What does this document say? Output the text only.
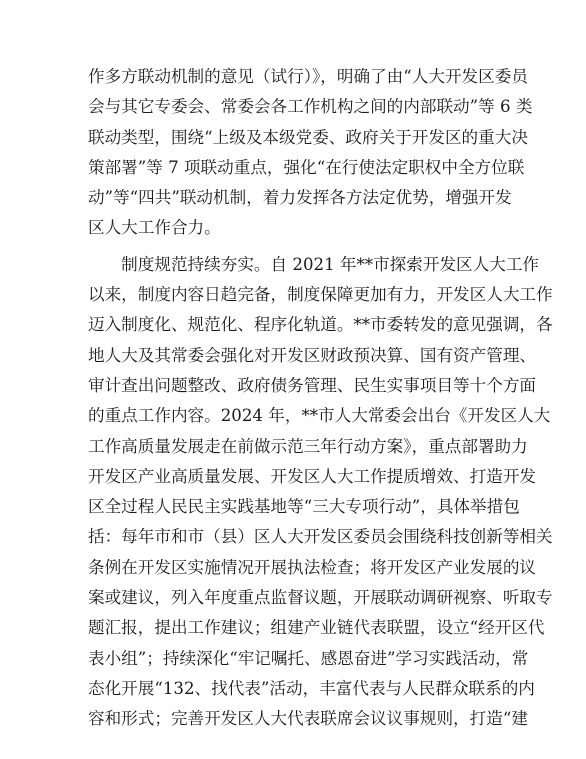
作多方联动机制的意见（试行）》，明确了由“人大开发区委员
会与其它专委会、常委会各工作机构之间的内部联动”等 6 类
联动类型，围绕“上级及本级党委、政府关于开发区的重大决
策部署”等 7 项联动重点，强化“在行使法定职权中全方位联
动”等“四共”联动机制，着力发挥各方法定优势，增强开发
区人大工作合力。
　　制度规范持续夯实。自 2021 年**市探索开发区人大工作
以来，制度内容日趋完备，制度保障更加有力，开发区人大工作
迈入制度化、规范化、程序化轨道。**市委转发的意见强调，各
地人大及其常委会强化对开发区财政预决算、国有资产管理、
审计查出问题整改、政府债务管理、民生实事项目等十个方面
的重点工作内容。2024 年，**市人大常委会出台《开发区人大
工作高质量发展走在前做示范三年行动方案》，重点部署助力
开发区产业高质量发展、开发区人大工作提质增效、打造开发
区全过程人民民主实践基地等“三大专项行动”，具体举措包
括：每年市和市（县）区人大开发区委员会围绕科技创新等相关
条例在开发区实施情况开展执法检查；将开发区产业发展的议
案或建议，列入年度重点监督议题，开展联动调研视察、听取专
题汇报，提出工作建议；组建产业链代表联盟，设立“经开区代
表小组”；持续深化“牢记嘱托、感恩奋进”学习实践活动，常
态化开展“132、找代表”活动，丰富代表与人民群众联系的内
容和形式；完善开发区人大代表联席会议议事规则，打造“建
